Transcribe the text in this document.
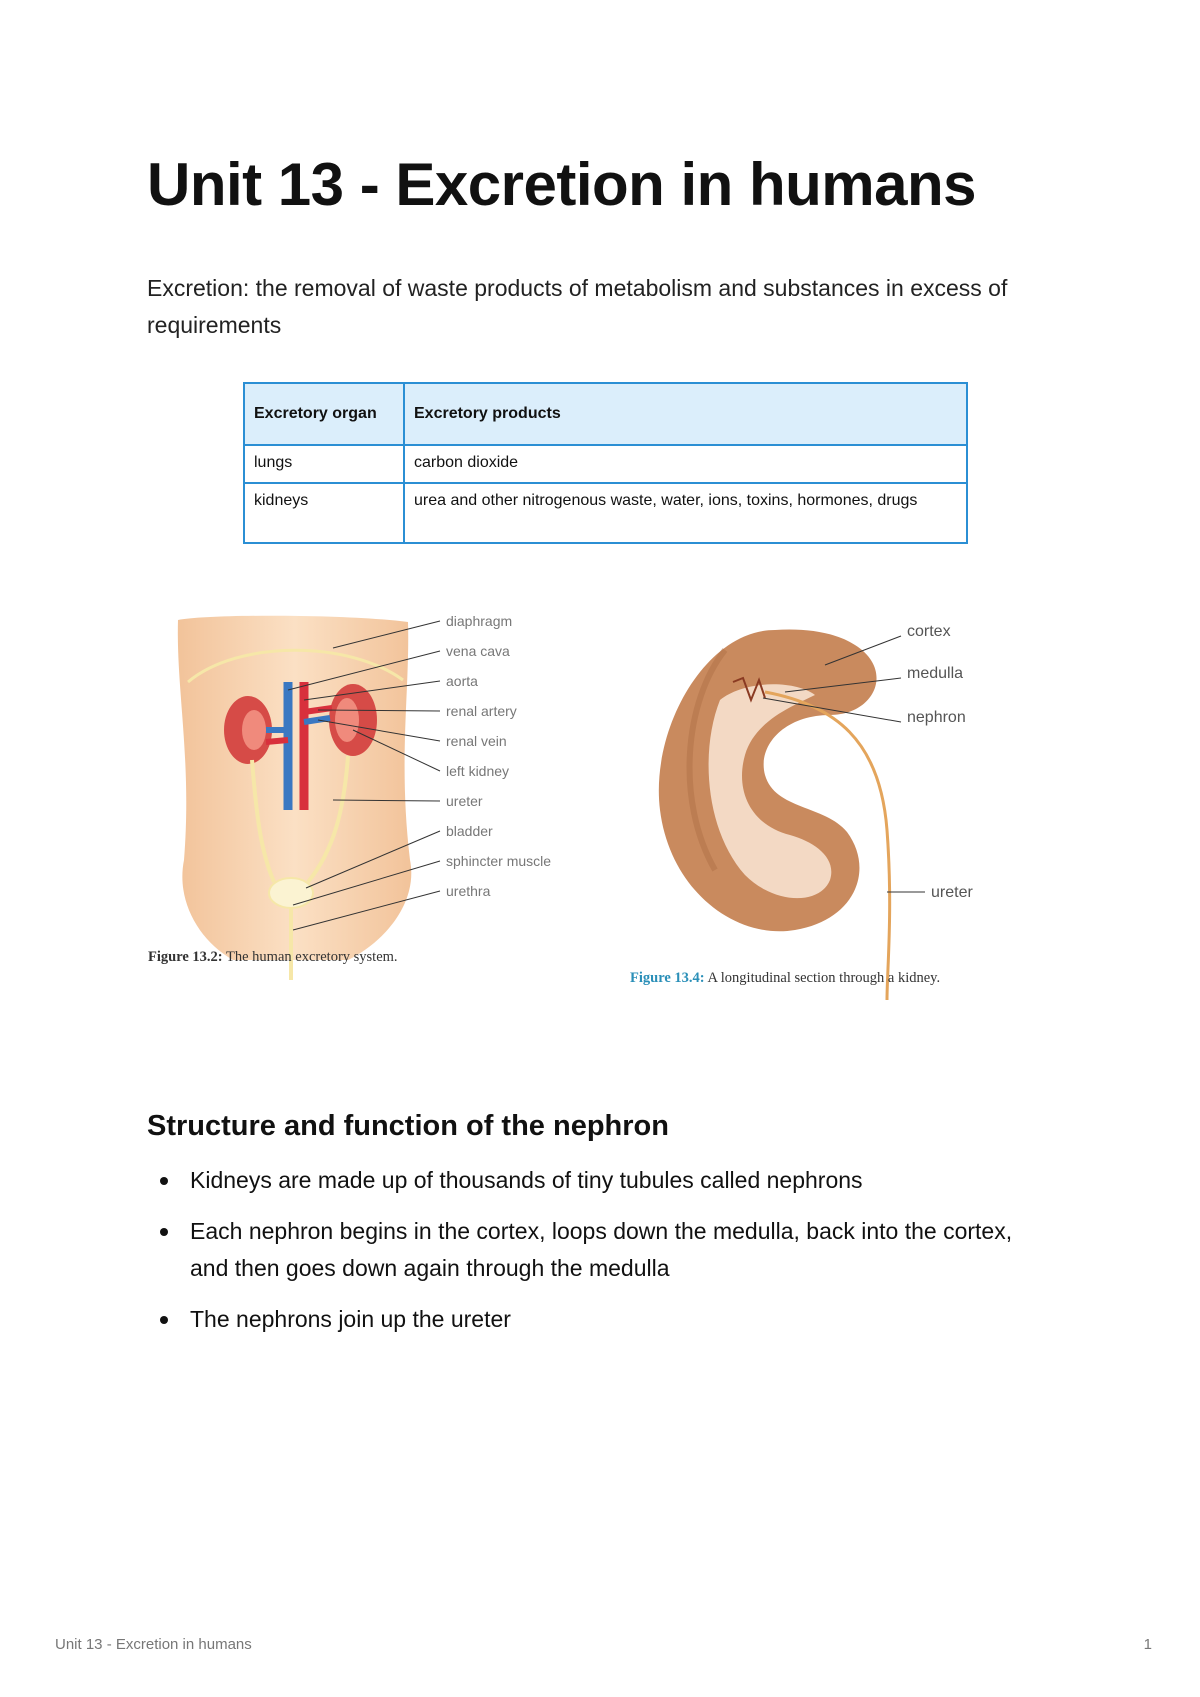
Unit 13 - Excretion in humans

Excretion: the removal of waste products of metabolism and substances in excess of requirements

Excretory organ	Excretory products
lungs	carbon dioxide
kidneys	urea and other nitrogenous waste, water, ions, toxins, hormones, drugs
diaphragm
vena cava
aorta
renal artery
renal vein
left kidney
ureter
bladder
sphincter muscle
urethra
Figure 13.2: The human excretory system.
cortex
medulla
nephron
ureter
Figure 13.4: A longitudinal section through a kidney.
Structure and function of the nephron
Kidneys are made up of thousands of tiny tubules called nephrons
Each nephron begins in the cortex, loops down the medulla, back into the cortex, and then goes down again through the medulla
The nephrons join up the ureter
Unit 13 - Excretion in humans	1
